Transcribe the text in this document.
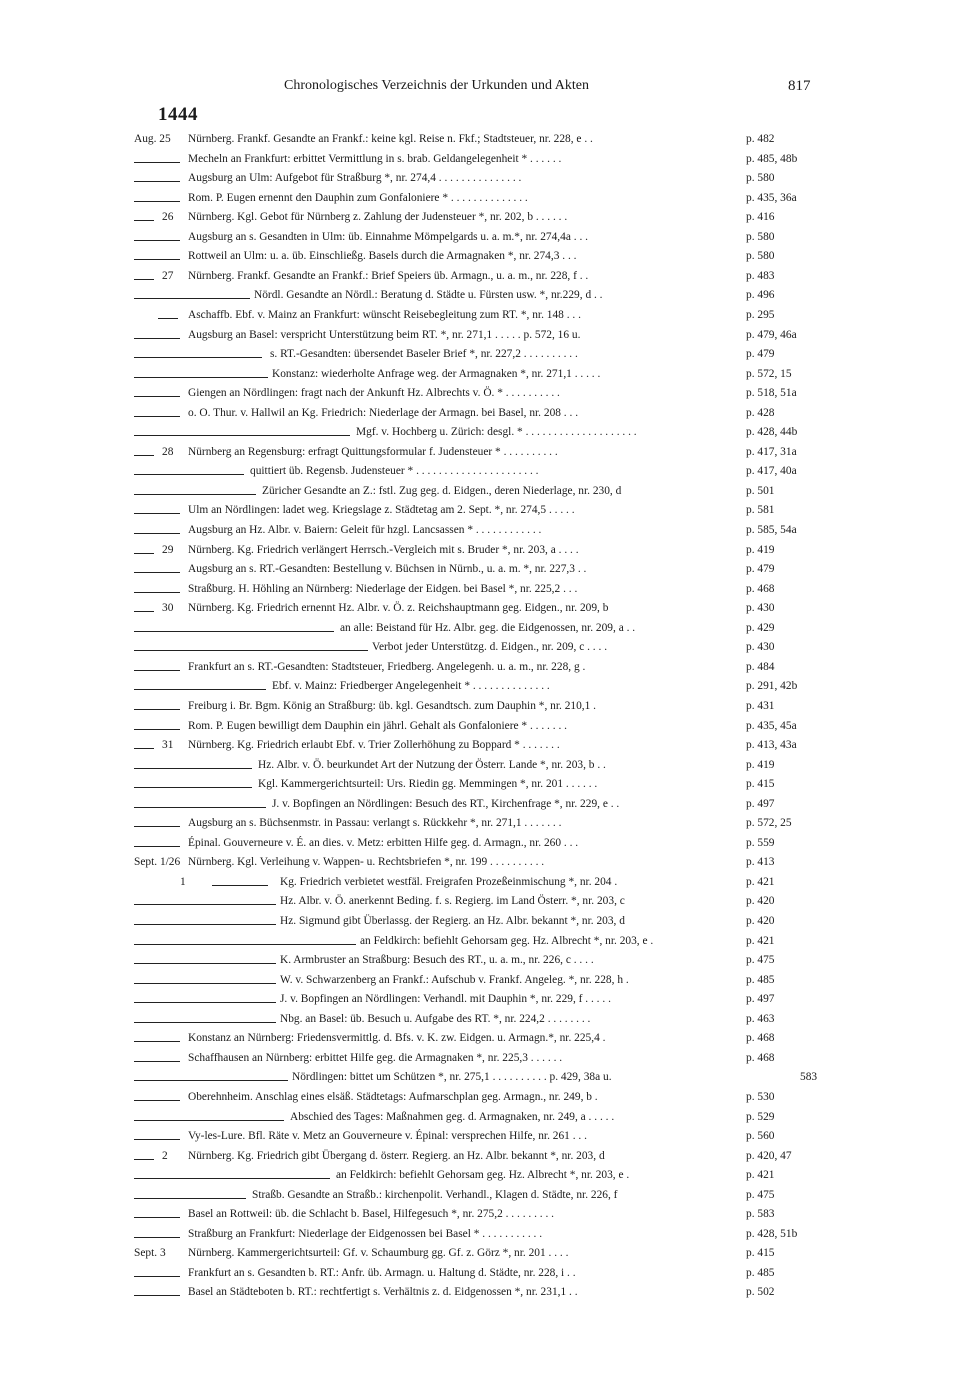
Chronologisches Verzeichnis der Urkunden und Akten	817
1444
Aug. 25 Nürnberg. Frankf. Gesandte an Frankf.: keine kgl. Reise n. Fkf.; Stadtsteuer, nr. 228, e . .	p. 482
Mecheln an Frankfurt: erbittet Vermittlung in s. brab. Geldangelegenheit * . . . . . .	p. 485, 48b
Augsburg an Ulm: Aufgebot für Straßburg *, nr. 274,4 . . . . . . . . . . . . . . .	p. 580
Rom. P. Eugen ernennt den Dauphin zum Gonfaloniere * . . . . . . . . . . . . . .	p. 435, 36a
26 Nürnberg. Kgl. Gebot für Nürnberg z. Zahlung der Judensteuer *, nr. 202, b . . . . . .	p. 416
Augsburg an s. Gesandten in Ulm: üb. Einnahme Mömpelgards u. a. m.*, nr. 274,4a . . .	p. 580
Rottweil an Ulm: u. a. üb. Einschließg. Basels durch die Armagnaken *, nr. 274,3 . . .	p. 580
27 Nürnberg. Frankf. Gesandte an Frankf.: Brief Speiers üb. Armagn., u. a. m., nr. 228, f . .	p. 483
Nördl. Gesandte an Nördl.: Beratung d. Städte u. Fürsten usw. *, nr.229, d . .	p. 496
Aschaffb. Ebf. v. Mainz an Frankfurt: wünscht Reisebegleitung zum RT. *, nr. 148 . . .	p. 295
Augsburg an Basel: verspricht Unterstützung beim RT. *, nr. 271,1 . . . . . p. 572, 16 u.	p. 479, 46a
s. RT.-Gesandten: übersendet Baseler Brief *, nr. 227,2 . . . . . . . . . .	p. 479
Konstanz: wiederholte Anfrage weg. der Armagnaken *, nr. 271,1 . . . . .	p. 572, 15
Giengen an Nördlingen: fragt nach der Ankunft Hz. Albrechts v. Ö. * . . . . . . . . . .	p. 518, 51a
o. O. Thur. v. Hallwil an Kg. Friedrich: Niederlage der Armagn. bei Basel, nr. 208 . . .	p. 428
Mgf. v. Hochberg u. Zürich: desgl. * . . . . . . . . . . . . . . . . . . . .	p. 428, 44b
28 Nürnberg an Regensburg: erfragt Quittungsformular f. Judensteuer * . . . . . . . . . .	p. 417, 31a
quittiert üb. Regensb. Judensteuer * . . . . . . . . . . . . . . . . . . . . . .	p. 417, 40a
Züricher Gesandte an Z.: fstl. Zug geg. d. Eidgen., deren Niederlage, nr. 230, d	p. 501
Ulm an Nördlingen: ladet weg. Kriegslage z. Städtetag am 2. Sept. *, nr. 274,5 . . . . .	p. 581
Augsburg an Hz. Albr. v. Baiern: Geleit für hzgl. Lancsassen * . . . . . . . . . . . .	p. 585, 54a
29 Nürnberg. Kg. Friedrich verlängert Herrsch.-Vergleich mit s. Bruder *, nr. 203, a . . . .	p. 419
Augsburg an s. RT.-Gesandten: Bestellung v. Büchsen in Nürnb., u. a. m. *, nr. 227,3 . .	p. 479
Straßburg. H. Höhling an Nürnberg: Niederlage der Eidgen. bei Basel *, nr. 225,2 . . .	p. 468
30 Nürnberg. Kg. Friedrich ernennt Hz. Albr. v. Ö. z. Reichshauptmann geg. Eidgen., nr. 209, b	p. 430
an alle: Beistand für Hz. Albr. geg. die Eidgenossen, nr. 209, a . .	p. 429
Verbot jeder Unterstützg. d. Eidgen., nr. 209, c . . . .	p. 430
Frankfurt an s. RT.-Gesandten: Stadtsteuer, Friedberg. Angelegenh. u. a. m., nr. 228, g .	p. 484
Ebf. v. Mainz: Friedberger Angelegenheit * . . . . . . . . . . . . . .	p. 291, 42b
Freiburg i. Br. Bgm. König an Straßburg: üb. kgl. Gesandtsch. zum Dauphin *, nr. 210,1 .	p. 431
Rom. P. Eugen bewilligt dem Dauphin ein jährl. Gehalt als Gonfaloniere * . . . . . . .	p. 435, 45a
31 Nürnberg. Kg. Friedrich erlaubt Ebf. v. Trier Zollerhöhung zu Boppard * . . . . . . .	p. 413, 43a
Hz. Albr. v. Ö. beurkundet Art der Nutzung der Österr. Lande *, nr. 203, b . .	p. 419
Kgl. Kammergerichtsurteil: Urs. Riedin gg. Memmingen *, nr. 201 . . . . . .	p. 415
J. v. Bopfingen an Nördlingen: Besuch des RT., Kirchenfrage *, nr. 229, e . .	p. 497
Augsburg an s. Büchsenmstr. in Passau: verlangt s. Rückkehr *, nr. 271,1 . . . . . . .	p. 572, 25
Épinal. Gouverneure v. É. an dies. v. Metz: erbitten Hilfe geg. d. Armagn., nr. 260 . . .	p. 559
Sept. 1/26 Nürnberg. Kgl. Verleihung v. Wappen- u. Rechtsbriefen *, nr. 199 . . . . . . . . . .	p. 413
1	Kg. Friedrich verbietet westfäl. Freigrafen Prozeßeinmischung *, nr. 204 .	p. 421
Hz. Albr. v. Ö. anerkennt Beding. f. s. Regierg. im Land Österr. *, nr. 203, c	p. 420
Hz. Sigmund gibt Überlassg. der Regierg. an Hz. Albr. bekannt *, nr. 203, d	p. 420
an Feldkirch: befiehlt Gehorsam geg. Hz. Albrecht *, nr. 203, e .	p. 421
K. Armbruster an Straßburg: Besuch des RT., u. a. m., nr. 226, c . . . .	p. 475
W. v. Schwarzenberg an Frankf.: Aufschub v. Frankf. Angeleg. *, nr. 228, h .	p. 485
J. v. Bopfingen an Nördlingen: Verhandl. mit Dauphin *, nr. 229, f . . . . .	p. 497
Nbg. an Basel: üb. Besuch u. Aufgabe des RT. *, nr. 224,2 . . . . . . . .	p. 463
Konstanz an Nürnberg: Friedensvermittlg. d. Bfs. v. K. zw. Eidgen. u. Armagn.*, nr. 225,4 .	p. 468
Schaffhausen an Nürnberg: erbittet Hilfe geg. die Armagnaken *, nr. 225,3 . . . . . .	p. 468
Nördlingen: bittet um Schützen *, nr. 275,1 . . . . . . . . . . p. 429, 38a u.	583
Oberehnheim. Anschlag eines elsäß. Städtetags: Aufmarschplan geg. Armagn., nr. 249, b .	p. 530
Abschied des Tages: Maßnahmen geg. d. Armagnaken, nr. 249, a . . . . .	p. 529
Vy-les-Lure. Bfl. Räte v. Metz an Gouverneure v. Épinal: versprechen Hilfe, nr. 261 . . .	p. 560
2 Nürnberg. Kg. Friedrich gibt Übergang d. österr. Regierg. an Hz. Albr. bekannt *, nr. 203, d	p. 420, 47
an Feldkirch: befiehlt Gehorsam geg. Hz. Albrecht *, nr. 203, e .	p. 421
Straßb. Gesandte an Straßb.: kirchenpolit. Verhandl., Klagen d. Städte, nr. 226, f	p. 475
Basel an Rottweil: üb. die Schlacht b. Basel, Hilfegesuch *, nr. 275,2 . . . . . . . . .	p. 583
Straßburg an Frankfurt: Niederlage der Eidgenossen bei Basel * . . . . . . . . . . .	p. 428, 51b
Sept. 3 Nürnberg. Kammergerichtsurteil: Gf. v. Schaumburg gg. Gf. z. Görz *, nr. 201 . . . .	p. 415
Frankfurt an s. Gesandten b. RT.: Anfr. üb. Armagn. u. Haltung d. Städte, nr. 228, i . .	p. 485
Basel an Städteboten b. RT.: rechtfertigt s. Verhältnis z. d. Eidgenossen *, nr. 231,1 . .	p. 502
